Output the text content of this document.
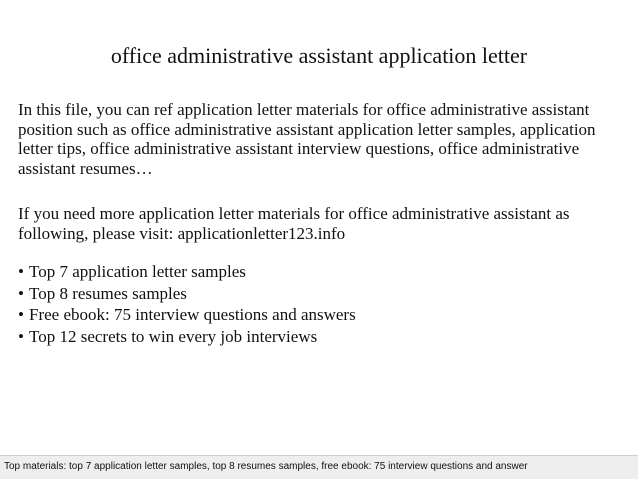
office administrative assistant application letter

In this file, you can ref application letter materials for office administrative assistant position such as office administrative assistant application letter samples, application letter tips, office administrative assistant interview questions, office administrative assistant resumes…

If you need more application letter materials for office administrative assistant as following, please visit: applicationletter123.info

• Top 7 application letter samples
• Top 8 resumes samples
• Free ebook: 75 interview questions and answers
• Top 12 secrets to win every job interviews
Top materials: top 7 application letter samples, top 8 resumes samples, free ebook: 75 interview questions and answer
